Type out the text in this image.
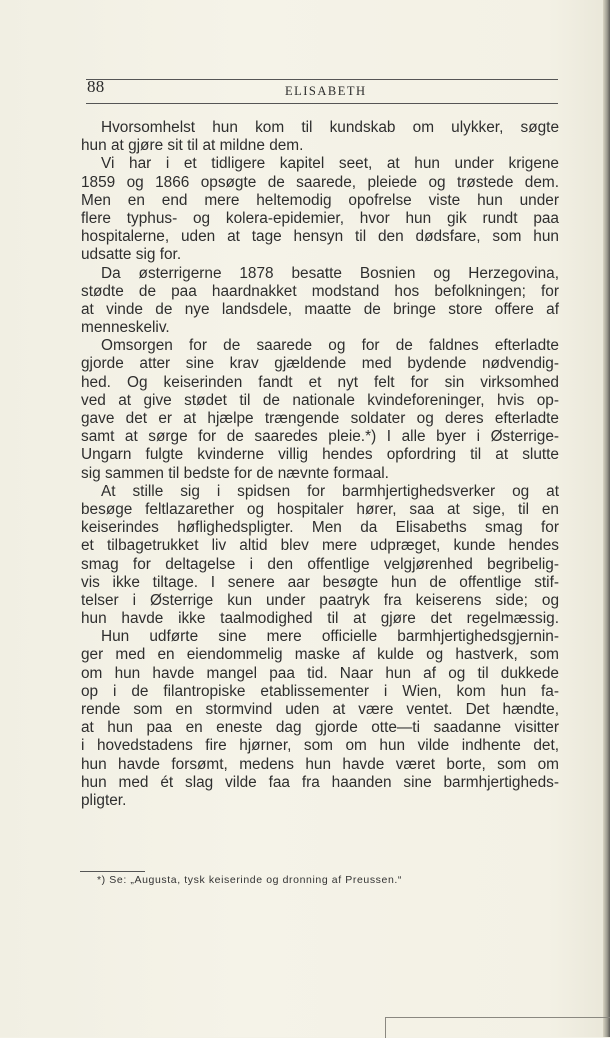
88	ELISABETH
Hvorsomhelst hun kom til kundskab om ulykker, søgte
hun at gjøre sit til at mildne dem.
Vi har i et tidligere kapitel seet, at hun under krigene
1859 og 1866 opsøgte de saarede, pleiede og trøstede dem.
Men en end mere heltemodig opofrelse viste hun under
flere typhus- og kolera-epidemier, hvor hun gik rundt paa
hospitalerne, uden at tage hensyn til den dødsfare, som hun
udsatte sig for.
Da østerrigerne 1878 besatte Bosnien og Herzegovina,
stødte de paa haardnakket modstand hos befolkningen; for
at vinde de nye landsdele, maatte de bringe store offere af
menneskeliv.
Omsorgen for de saarede og for de faldnes efterladte
gjorde atter sine krav gjældende med bydende nødvendig-
hed. Og keiserinden fandt et nyt felt for sin virksomhed
ved at give stødet til de nationale kvindeforeninger, hvis op-
gave det er at hjælpe trængende soldater og deres efterladte
samt at sørge for de saaredes pleie.*) I alle byer i Østerrige-
Ungarn fulgte kvinderne villig hendes opfordring til at slutte
sig sammen til bedste for de nævnte formaal.
At stille sig i spidsen for barmhjertighedsverker og at
besøge feltlazarether og hospitaler hører, saa at sige, til en
keiserindes høflighedspligter. Men da Elisabeths smag for
et tilbagetrukket liv altid blev mere udpræget, kunde hendes
smag for deltagelse i den offentlige velgjørenhed begribelig-
vis ikke tiltage. I senere aar besøgte hun de offentlige stif-
telser i Østerrige kun under paatryk fra keiserens side; og
hun havde ikke taalmodighed til at gjøre det regelmæssig.
Hun udførte sine mere officielle barmhjertighedsgjernin-
ger med en eiendommelig maske af kulde og hastverk, som
om hun havde mangel paa tid. Naar hun af og til dukkede
op i de filantropiske etablissementer i Wien, kom hun fa-
rende som en stormvind uden at være ventet. Det hændte,
at hun paa en eneste dag gjorde otte—ti saadanne visitter
i hovedstadens fire hjørner, som om hun vilde indhente det,
hun havde forsømt, medens hun havde været borte, som om
hun med ét slag vilde faa fra haanden sine barmhjertigheds-
pligter.
*) Se: „Augusta, tysk keiserinde og dronning af Preussen.“
